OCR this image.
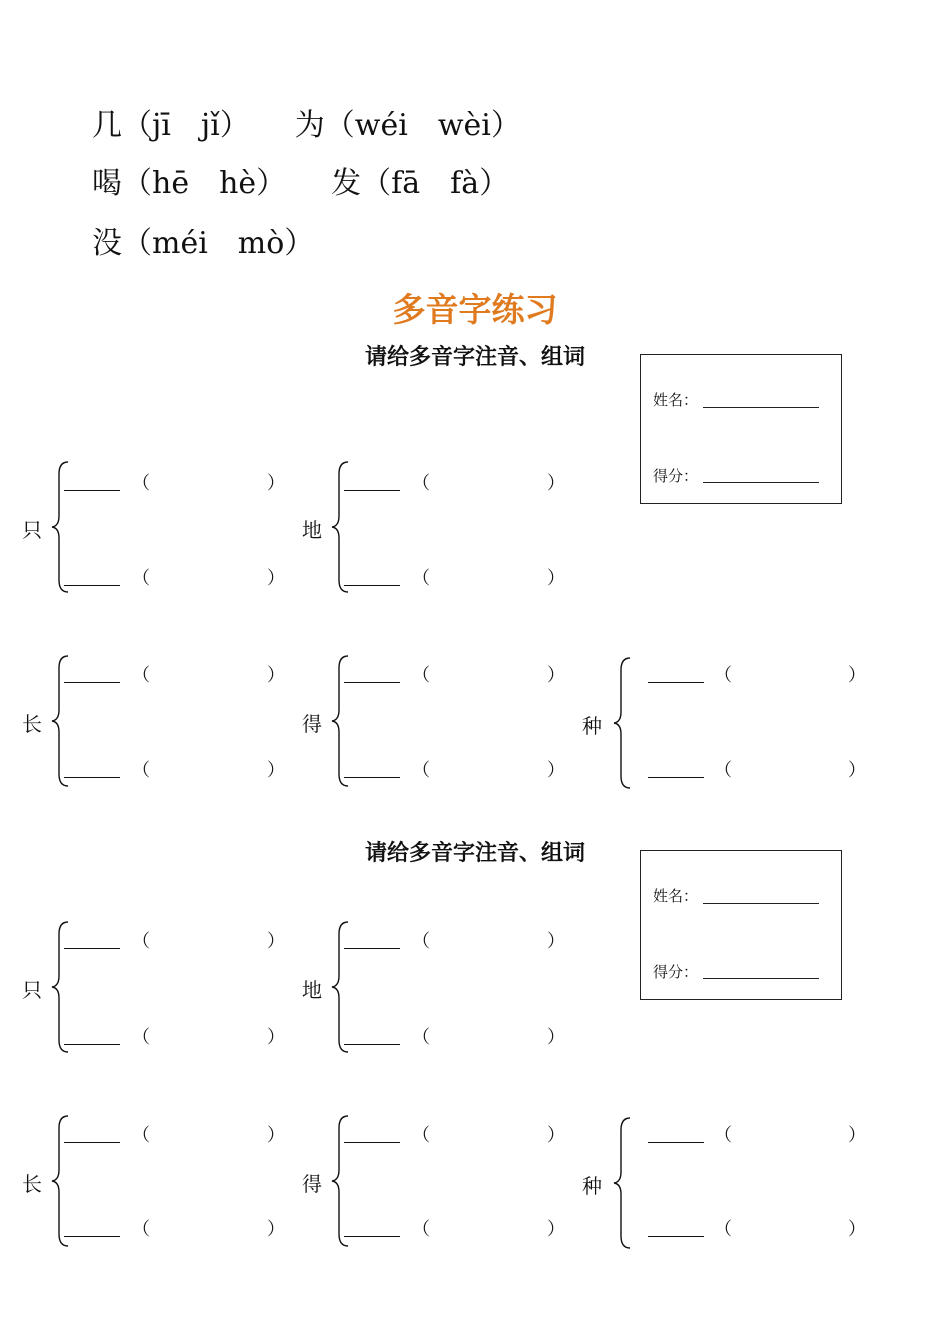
几（jī　jǐ）　　为（wéi　wèi）
喝（hē　hè）　　发（fā　fà）
没（méi　mò）
多音字练习
请给多音字注音、组词
姓名：
得分：
只
（	）
（	）
地
（	）
（	）
长
（	）
（	）
得
（	）
（	）
种
（	）
（	）
请给多音字注音、组词
姓名：
得分：
只
（	）
（	）
地
（	）
（	）
长
（	）
（	）
得
（	）
（	）
种
（	）
（	）
